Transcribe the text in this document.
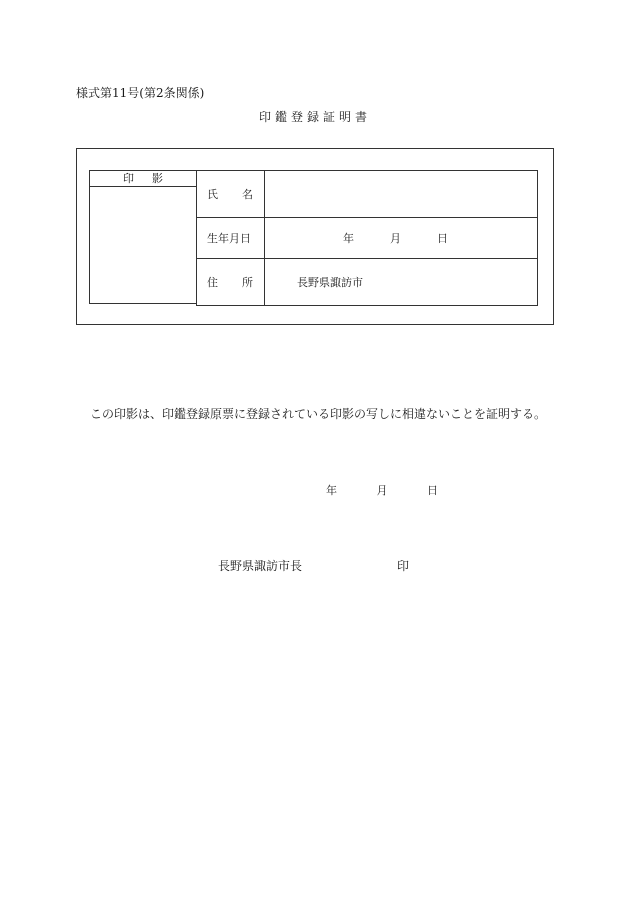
様式第11号(第2条関係)
印鑑登録証明書
印影
氏 名	

生年月日	年 月 日

住 所	長野県諏訪市
この印影は、印鑑登録原票に登録されている印影の写しに相違ないことを証明する。
年	月	日
長野県諏訪市長	印
